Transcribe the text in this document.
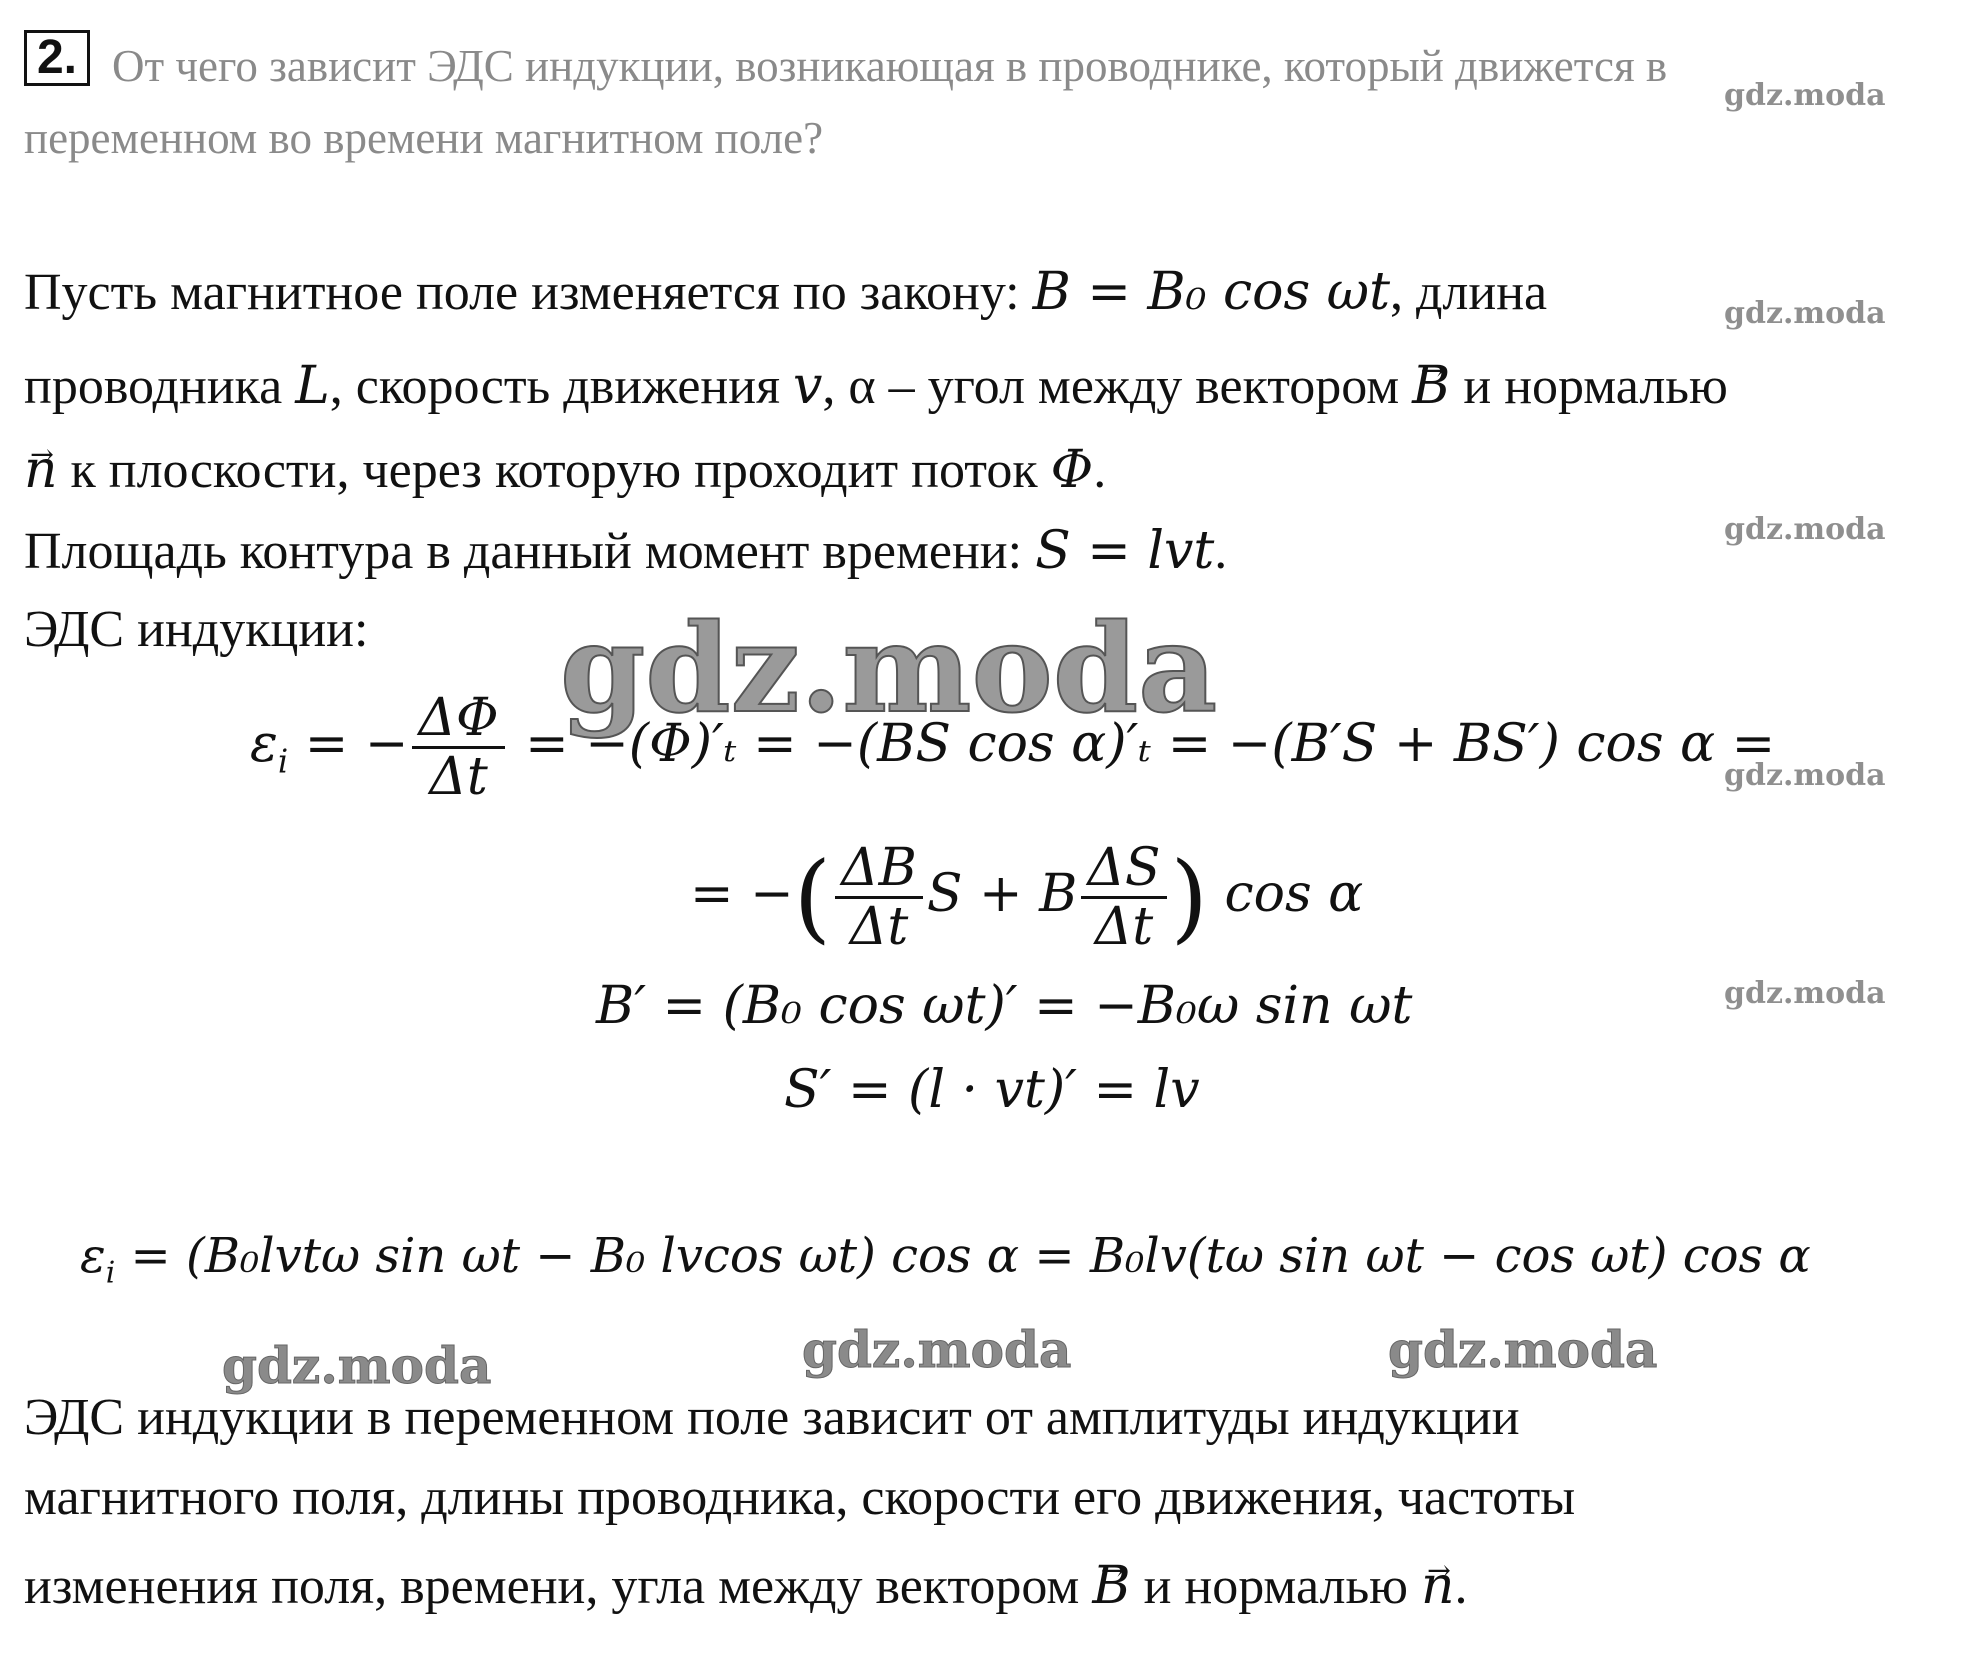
2. От чего зависит ЭДС индукции, возникающая в проводнике, который движется в переменном во времени магнитном поле?
Пусть магнитное поле изменяется по закону: B = B₀ cos ωt, длина
проводника L, скорость движения v, α – угол между вектором → B и нормалью
→ n к плоскости, через которую проходит поток Φ.
Площадь контура в данный момент времени: S = lvt.
ЭДС индукции:
$\varepsilon_i$ = − $\frac{\Delta\Phi}{\Delta t} = -(\Phi)'_t = -(BS$ cos α)′ₜ = −(B′S + BS′) cos α =
= −( $\frac{\Delta B}{\Delta t}$ S + B $\frac{\Delta S}{\Delta t}$ ) cos α
B′ = (B₀ cos ωt)′ = −B₀ω sin ωt
S′ = (l · vt)′ = lv
$\varepsilon_i = (B_0lvt\omega$ sin ωt − B₀ lvcos ωt) cos α = B₀lv(tω sin ωt − cos ωt) cos α
ЭДС индукции в переменном поле зависит от амплитуды индукции
магнитного поля, длины проводника, скорости его движения, частоты
изменения поля, времени, угла между вектором → B и нормалью → n.
gdz.moda
gdz.moda
gdz.moda
gdz.moda
gdz.moda
gdz.moda
gdz.moda	gdz.moda	gdz.moda
